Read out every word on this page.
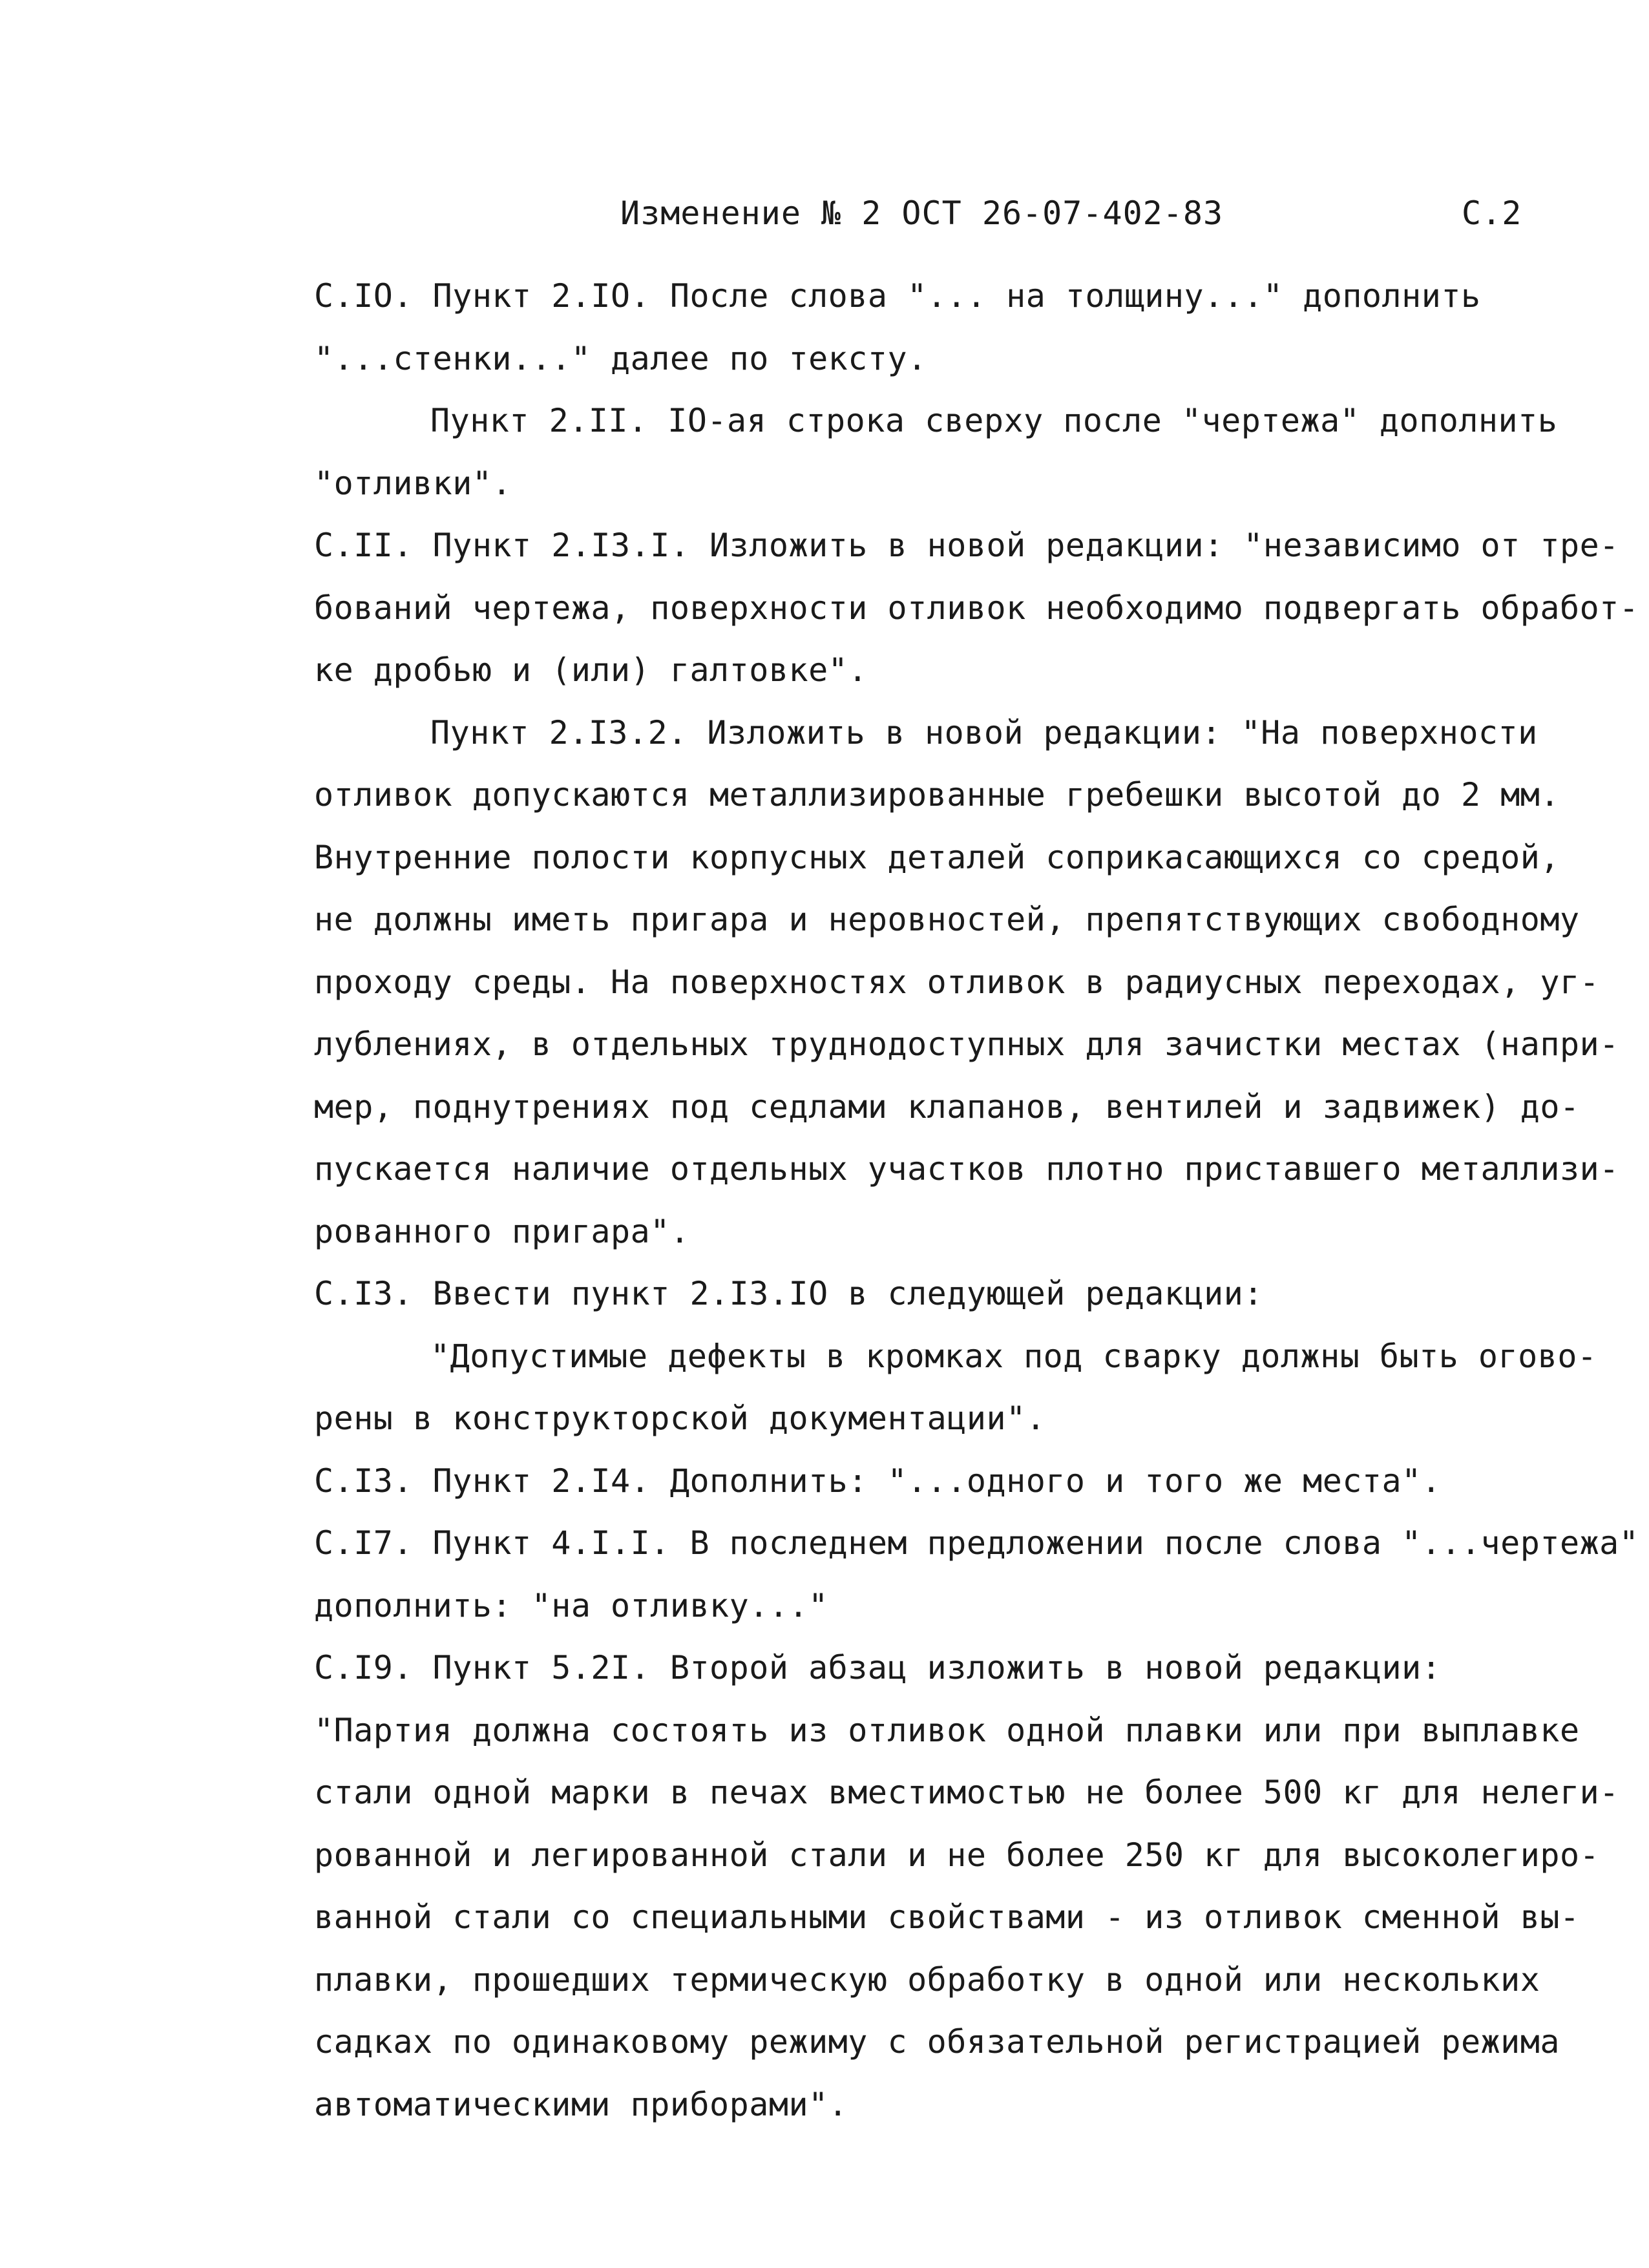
Изменение № 2 ОСТ 26-07-402-83	С.2
С.IO. Пункт 2.IO. После слова "... на толщину..." дополнить
"...стенки..." далее по тексту.
Пункт 2.II. IO-ая строка сверху после "чертежа" дополнить
"отливки".
С.II. Пункт 2.I3.I. Изложить в новой редакции: "независимо от тре-
бований чертежа, поверхности отливок необходимо подвергать обработ-
ке дробью и (или) галтовке".
Пункт 2.I3.2. Изложить в новой редакции: "На поверхности
отливок допускаются металлизированные гребешки высотой до 2 мм.
Внутренние полости корпусных деталей соприкасающихся со средой,
не должны иметь пригара и неровностей, препятствующих свободному
проходу среды. На поверхностях отливок в радиусных переходах, уг-
лублениях, в отдельных труднодоступных для зачистки местах (напри-
мер, поднутрениях под седлами клапанов, вентилей и задвижек) до-
пускается наличие отдельных участков плотно приставшего металлизи-
рованного пригара".
С.I3. Ввести пункт 2.I3.IO в следующей редакции:
"Допустимые дефекты в кромках под сварку должны быть огово-
рены в конструкторской документации".
С.I3. Пункт 2.I4. Дополнить: "...одного и того же места".
С.I7. Пункт 4.I.I. В последнем предложении после слова "...чертежа"
дополнить: "на отливку..."
С.I9. Пункт 5.2I. Второй абзац изложить в новой редакции:
"Партия должна состоять из отливок одной плавки или при выплавке
стали одной марки в печах вместимостью не более 500 кг для нелеги-
рованной и легированной стали и не более 250 кг для высоколегиро-
ванной стали со специальными свойствами - из отливок сменной вы-
плавки, прошедших термическую обработку в одной или нескольких
садках по одинаковому режиму с обязательной регистрацией режима
автоматическими приборами".
